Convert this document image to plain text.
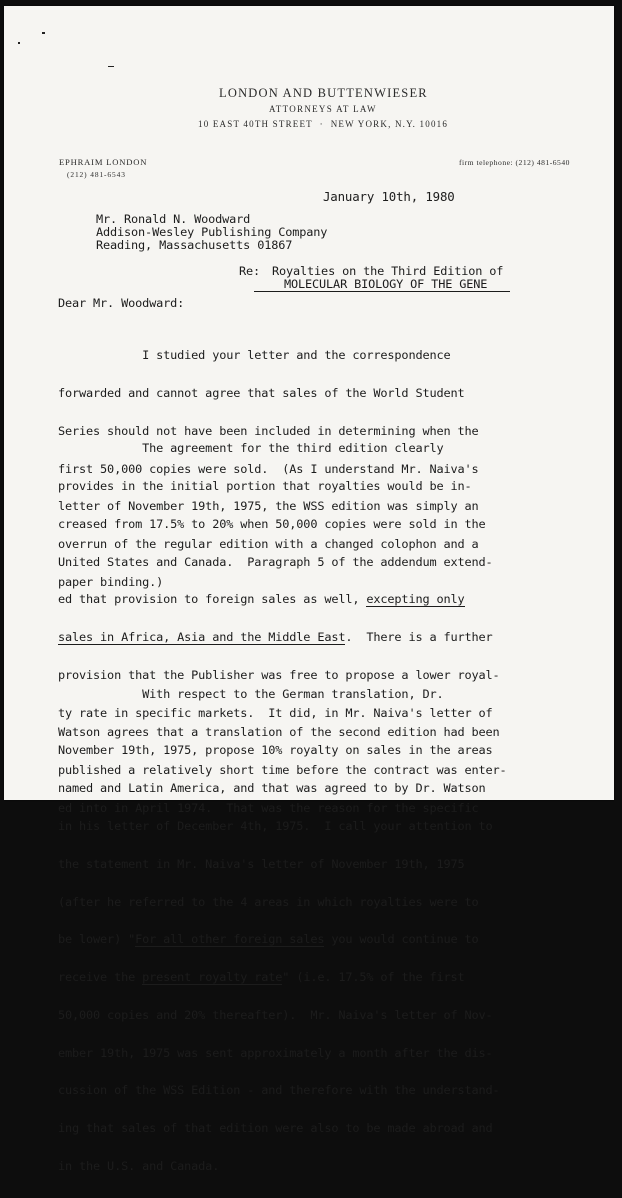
LONDON AND BUTTENWIESER
ATTORNEYS AT LAW
10 EAST 40TH STREET  ·  NEW YORK, N.Y. 10016
EPHRAIM LONDON
(212) 481-6543
firm telephone: (212) 481-6540
January 10th, 1980
Mr. Ronald N. Woodward
Addison-Wesley Publishing Company
Reading, Massachusetts 01867
Re: Royalties on the Third Edition of
MOLECULAR BIOLOGY OF THE GENE
Dear Mr. Woodward:

I studied your letter and the correspondence

forwarded and cannot agree that sales of the World Student

Series should not have been included in determining when the

first 50,000 copies were sold.  (As I understand Mr. Naiva's

letter of November 19th, 1975, the WSS edition was simply an

overrun of the regular edition with a changed colophon and a

paper binding.)

The agreement for the third edition clearly

provides in the initial portion that royalties would be in-

creased from 17.5% to 20% when 50,000 copies were sold in the

United States and Canada.  Paragraph 5 of the addendum extend-

ed that provision to foreign sales as well, excepting only

sales in Africa, Asia and the Middle East.  There is a further

provision that the Publisher was free to propose a lower royal-

ty rate in specific markets.  It did, in Mr. Naiva's letter of

November 19th, 1975, propose 10% royalty on sales in the areas

named and Latin America, and that was agreed to by Dr. Watson

in his letter of December 4th, 1975.  I call your attention to

the statement in Mr. Naiva's letter of November 19th, 1975

(after he referred to the 4 areas in which royalties were to

be lower) "For all other foreign sales you would continue to

receive the present royalty rate" (i.e. 17.5% of the first

50,000 copies and 20% thereafter).  Mr. Naiva's letter of Nov-

ember 19th, 1975 was sent approximately a month after the dis-

cussion of the WSS Edition - and therefore with the understand-

ing that sales of that edition were also to be made abroad and

in the U.S. and Canada.

With respect to the German translation, Dr.

Watson agrees that a translation of the second edition had been

published a relatively short time before the contract was enter-

ed into in April 1974.  That was the reason for the specific
